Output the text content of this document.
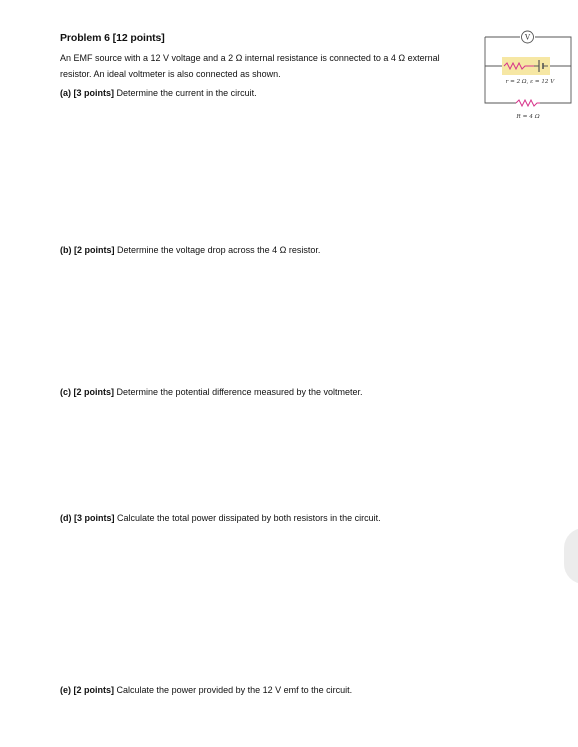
Problem 6 [12 points]
An EMF source with a 12 V voltage and a 2 Ω internal resistance is connected to a 4 Ω external resistor. An ideal voltmeter is also connected as shown.
(a) [3 points] Determine the current in the circuit.
(b) [2 points] Determine the voltage drop across the 4 Ω resistor.
(c) [2 points] Determine the potential difference measured by the voltmeter.
(d) [3 points] Calculate the total power dissipated by both resistors in the circuit.
(e) [2 points] Calculate the power provided by the 12 V emf to the circuit.
V
r = 2 Ω, ε = 12 V
R = 4 Ω
